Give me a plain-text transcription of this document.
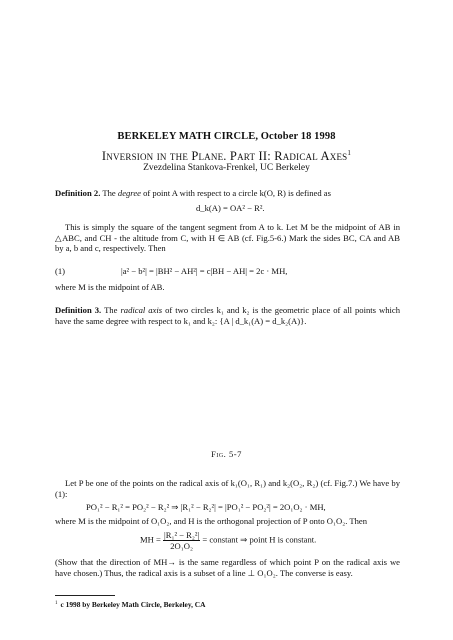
BERKELEY MATH CIRCLE, October 18 1998
Inversion in the Plane. Part II: Radical Axes$^1$
Zvezdelina Stankova-Frenkel, UC Berkeley
Definition 2. The degree of point A with respect to a circle k(O, R) is defined as
d_k(A) = OA² − R².
This is simply the square of the tangent segment from A to k. Let M be the midpoint of AB in △ABC, and CH - the altitude from C, with H ∈ AB (cf. Fig.5-6.) Mark the sides BC, CA and AB by a, b and c, respectively. Then
(1)	|a² − b²| = |BH² − AH²| = c|BH − AH| = 2c · MH,
where M is the midpoint of AB.
Definition 3. The radical axis of two circles k₁ and k₂ is the geometric place of all points which have the same degree with respect to k₁ and k₂: {A | d_k₁(A) = d_k₂(A)}.
Fig. 5-7
Let P be one of the points on the radical axis of k₁(O₁, R₁) and k₂(O₂, R₂) (cf. Fig.7.) We have by (1):
PO₁² − R₁² = PO₂² − R₂² ⇒ |R₁² − R₂²| = |PO₁² − PO₂²| = 2O₁O₂ · MH,
where M is the midpoint of O₁O₂, and H is the orthogonal projection of P onto O₁O₂. Then
MH = $\frac{\text{|R₁² − R₂²|}}{\text{2O₁O₂}}$ = constant ⇒ point H is constant.
(Show that the direction of MH→ is the same regardless of which point P on the radical axis we have chosen.) Thus, the radical axis is a subset of a line ⊥ O₁O₂. The converse is easy.
$^1$ c 1998 by Berkeley Math Circle, Berkeley, CA
